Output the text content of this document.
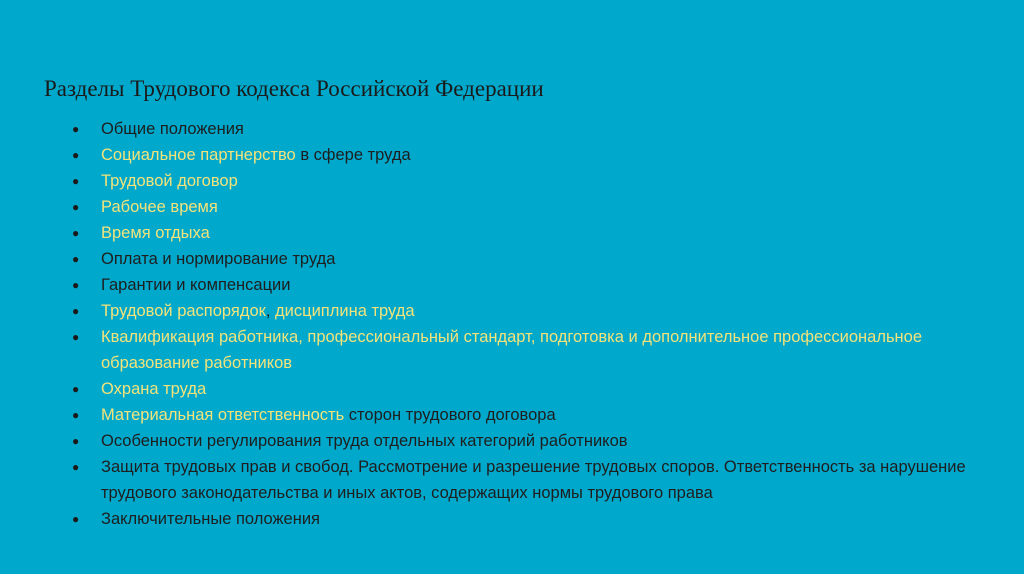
Разделы Трудового кодекса Российской Федерации
● Общие положения
● Социальное партнерство в сфере труда
● Трудовой договор
● Рабочее время
● Время отдыха
● Оплата и нормирование труда
● Гарантии и компенсации
● Трудовой распорядок, дисциплина труда
● Квалификация работника, профессиональный стандарт, подготовка и дополнительное профессиональное образование работников
● Охрана труда
● Материальная ответственность сторон трудового договора
● Особенности регулирования труда отдельных категорий работников
● Защита трудовых прав и свобод. Рассмотрение и разрешение трудовых споров. Ответственность за нарушение трудового законодательства и иных актов, содержащих нормы трудового права
● Заключительные положения
